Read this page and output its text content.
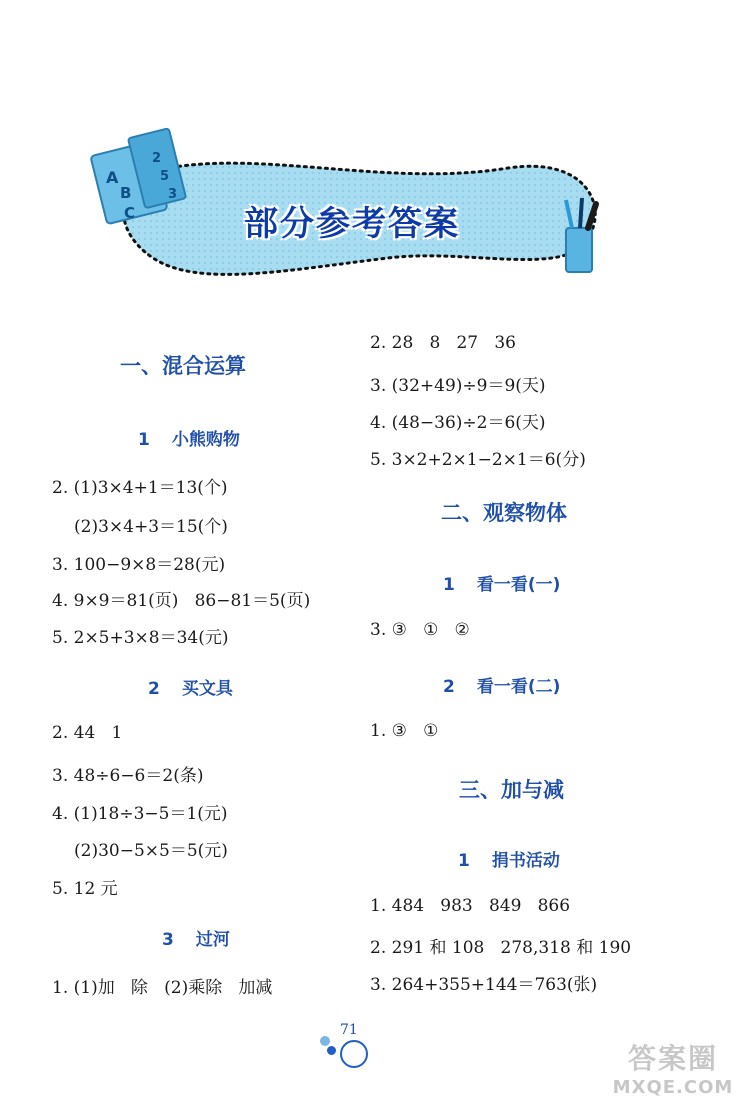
A
B
C
2
5
3
部分参考答案
一、混合运算
1 小熊购物
2. (1)3×4+1＝13(个)
(2)3×4+3＝15(个)
3. 100−9×8＝28(元)
4. 9×9＝81(页)   86−81＝5(页)
5. 2×5+3×8＝34(元)
2 买文具
2. 44   1
3. 48÷6−6＝2(条)
4. (1)18÷3−5＝1(元)
(2)30−5×5＝5(元)
5. 12 元
3 过河
1. (1)加   除   (2)乘除   加减
2. 28   8   27   36
3. (32+49)÷9＝9(天)
4. (48−36)÷2＝6(天)
5. 3×2+2×1−2×1＝6(分)
二、观察物体
1 看一看(一)
3. ③   ①   ②
2 看一看(二)
1. ③   ①
三、加与减
1 捐书活动
1. 484   983   849   866
2. 291 和 108   278,318 和 190
3. 264+355+144＝763(张)
71
答案圈
MXQE.COM
